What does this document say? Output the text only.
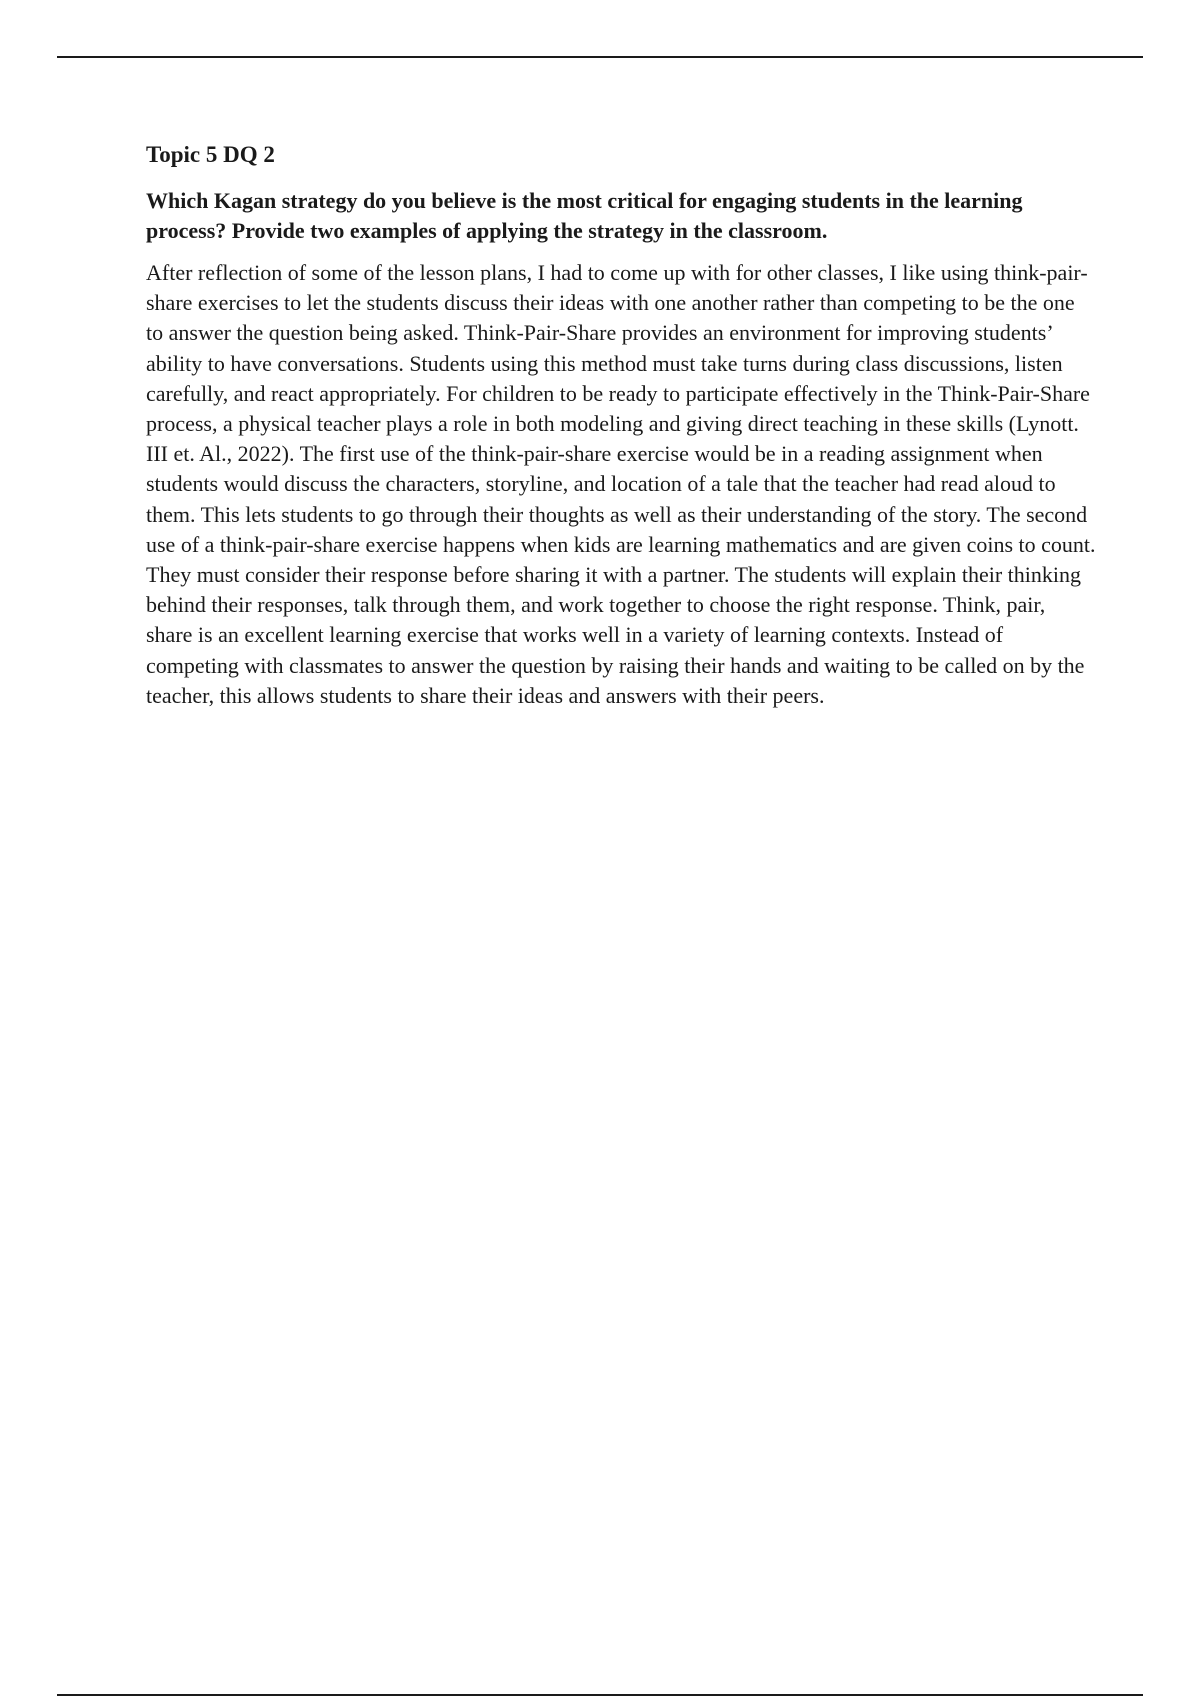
Topic 5 DQ 2
Which Kagan strategy do you believe is the most critical for engaging students in the learning process? Provide two examples of applying the strategy in the classroom.

After reflection of some of the lesson plans, I had to come up with for other classes, I like using think-pair-share exercises to let the students discuss their ideas with one another rather than competing to be the one to answer the question being asked. Think-Pair-Share provides an environment for improving students’ ability to have conversations. Students using this method must take turns during class discussions, listen carefully, and react appropriately. For children to be ready to participate effectively in the Think-Pair-Share process, a physical teacher plays a role in both modeling and giving direct teaching in these skills (Lynott. III et. Al., 2022). The first use of the think-pair-share exercise would be in a reading assignment when students would discuss the characters, storyline, and location of a tale that the teacher had read aloud to them. This lets students to go through their thoughts as well as their understanding of the story. The second use of a think-pair-share exercise happens when kids are learning mathematics and are given coins to count. They must consider their response before sharing it with a partner. The students will explain their thinking behind their responses, talk through them, and work together to choose the right response. Think, pair, share is an excellent learning exercise that works well in a variety of learning contexts. Instead of competing with classmates to answer the question by raising their hands and waiting to be called on by the teacher, this allows students to share their ideas and answers with their peers.
